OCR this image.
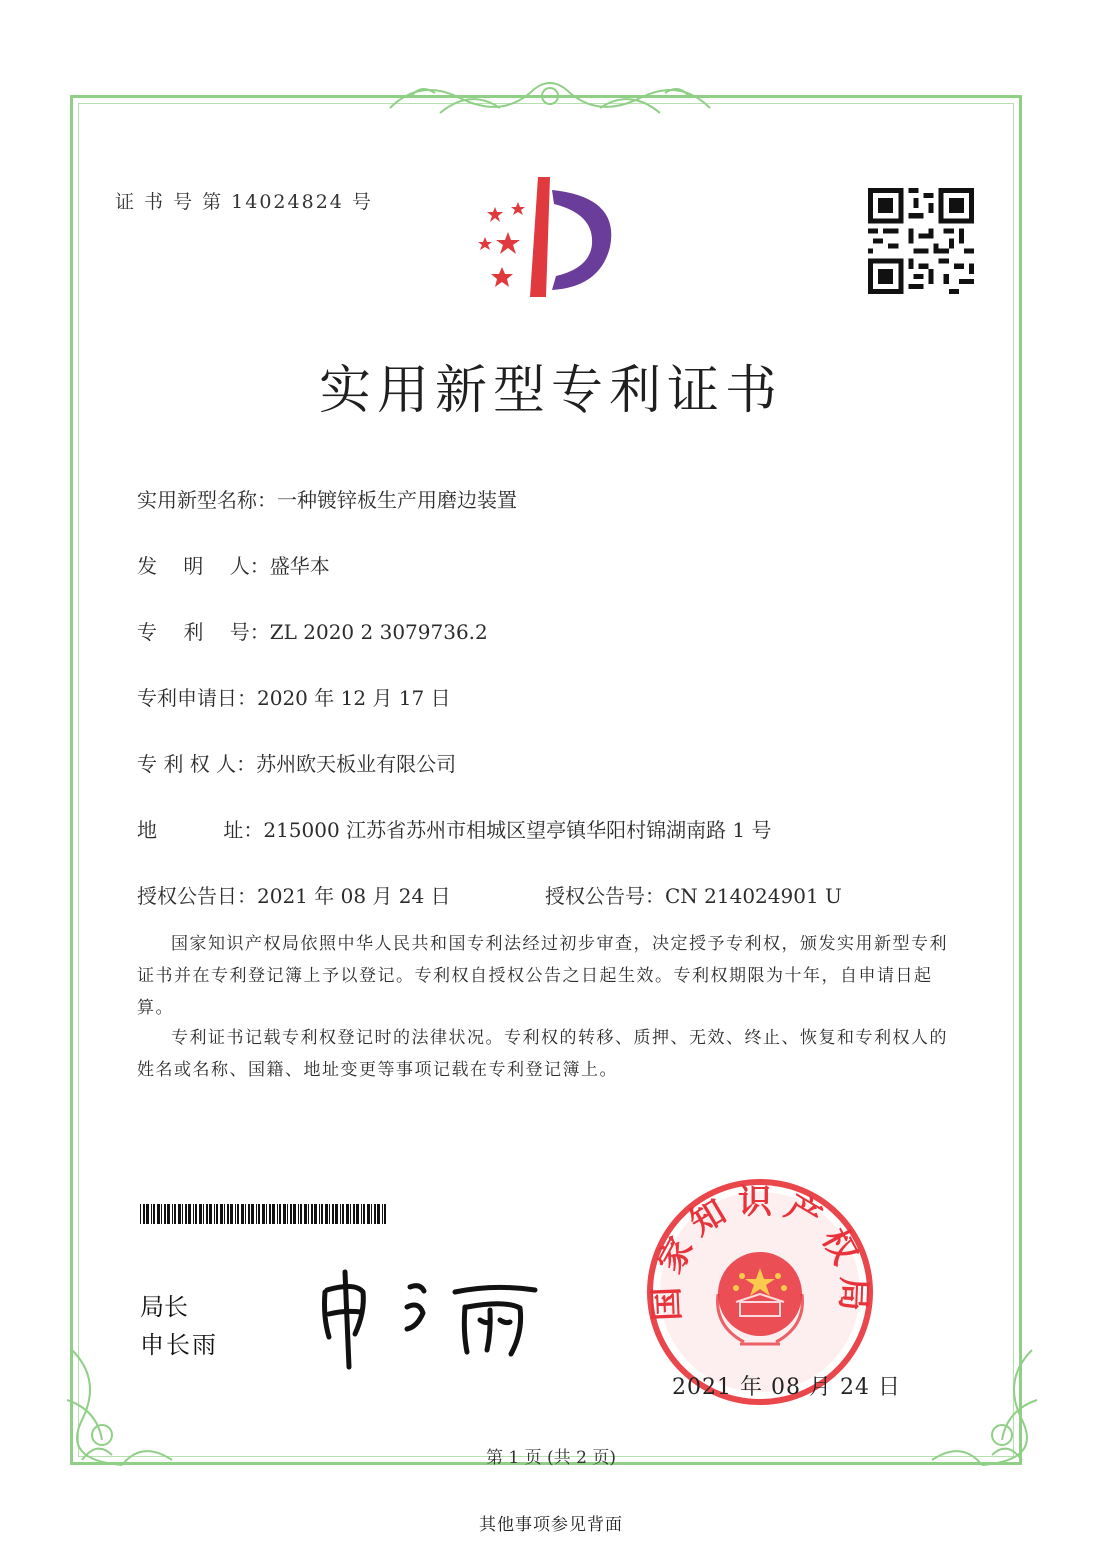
证 书 号 第 14024824 号
实用新型专利证书
实用新型名称：一种镀锌板生产用磨边装置
发　 明　 人：盛华本
专　 利　 号：ZL 2020 2 3079736.2
专利申请日：2020 年 12 月 17 日
专 利 权 人：苏州欧天板业有限公司
地　　　 址：215000 江苏省苏州市相城区望亭镇华阳村锦湖南路 1 号
授权公告日：2021 年 08 月 24 日	授权公告号：CN 214024901 U

国家知识产权局依照中华人民共和国专利法经过初步审查，决定授予专利权，颁发实用新型专利证书并在专利登记簿上予以登记。专利权自授权公告之日起生效。专利权期限为十年，自申请日起算。

专利证书记载专利权登记时的法律状况。专利权的转移、质押、无效、终止、恢复和专利权人的姓名或名称、国籍、地址变更等事项记载在专利登记簿上。

局长
申长雨
国家知识产权局
2021 年 08 月 24 日
第 1 页 (共 2 页)
其他事项参见背面
